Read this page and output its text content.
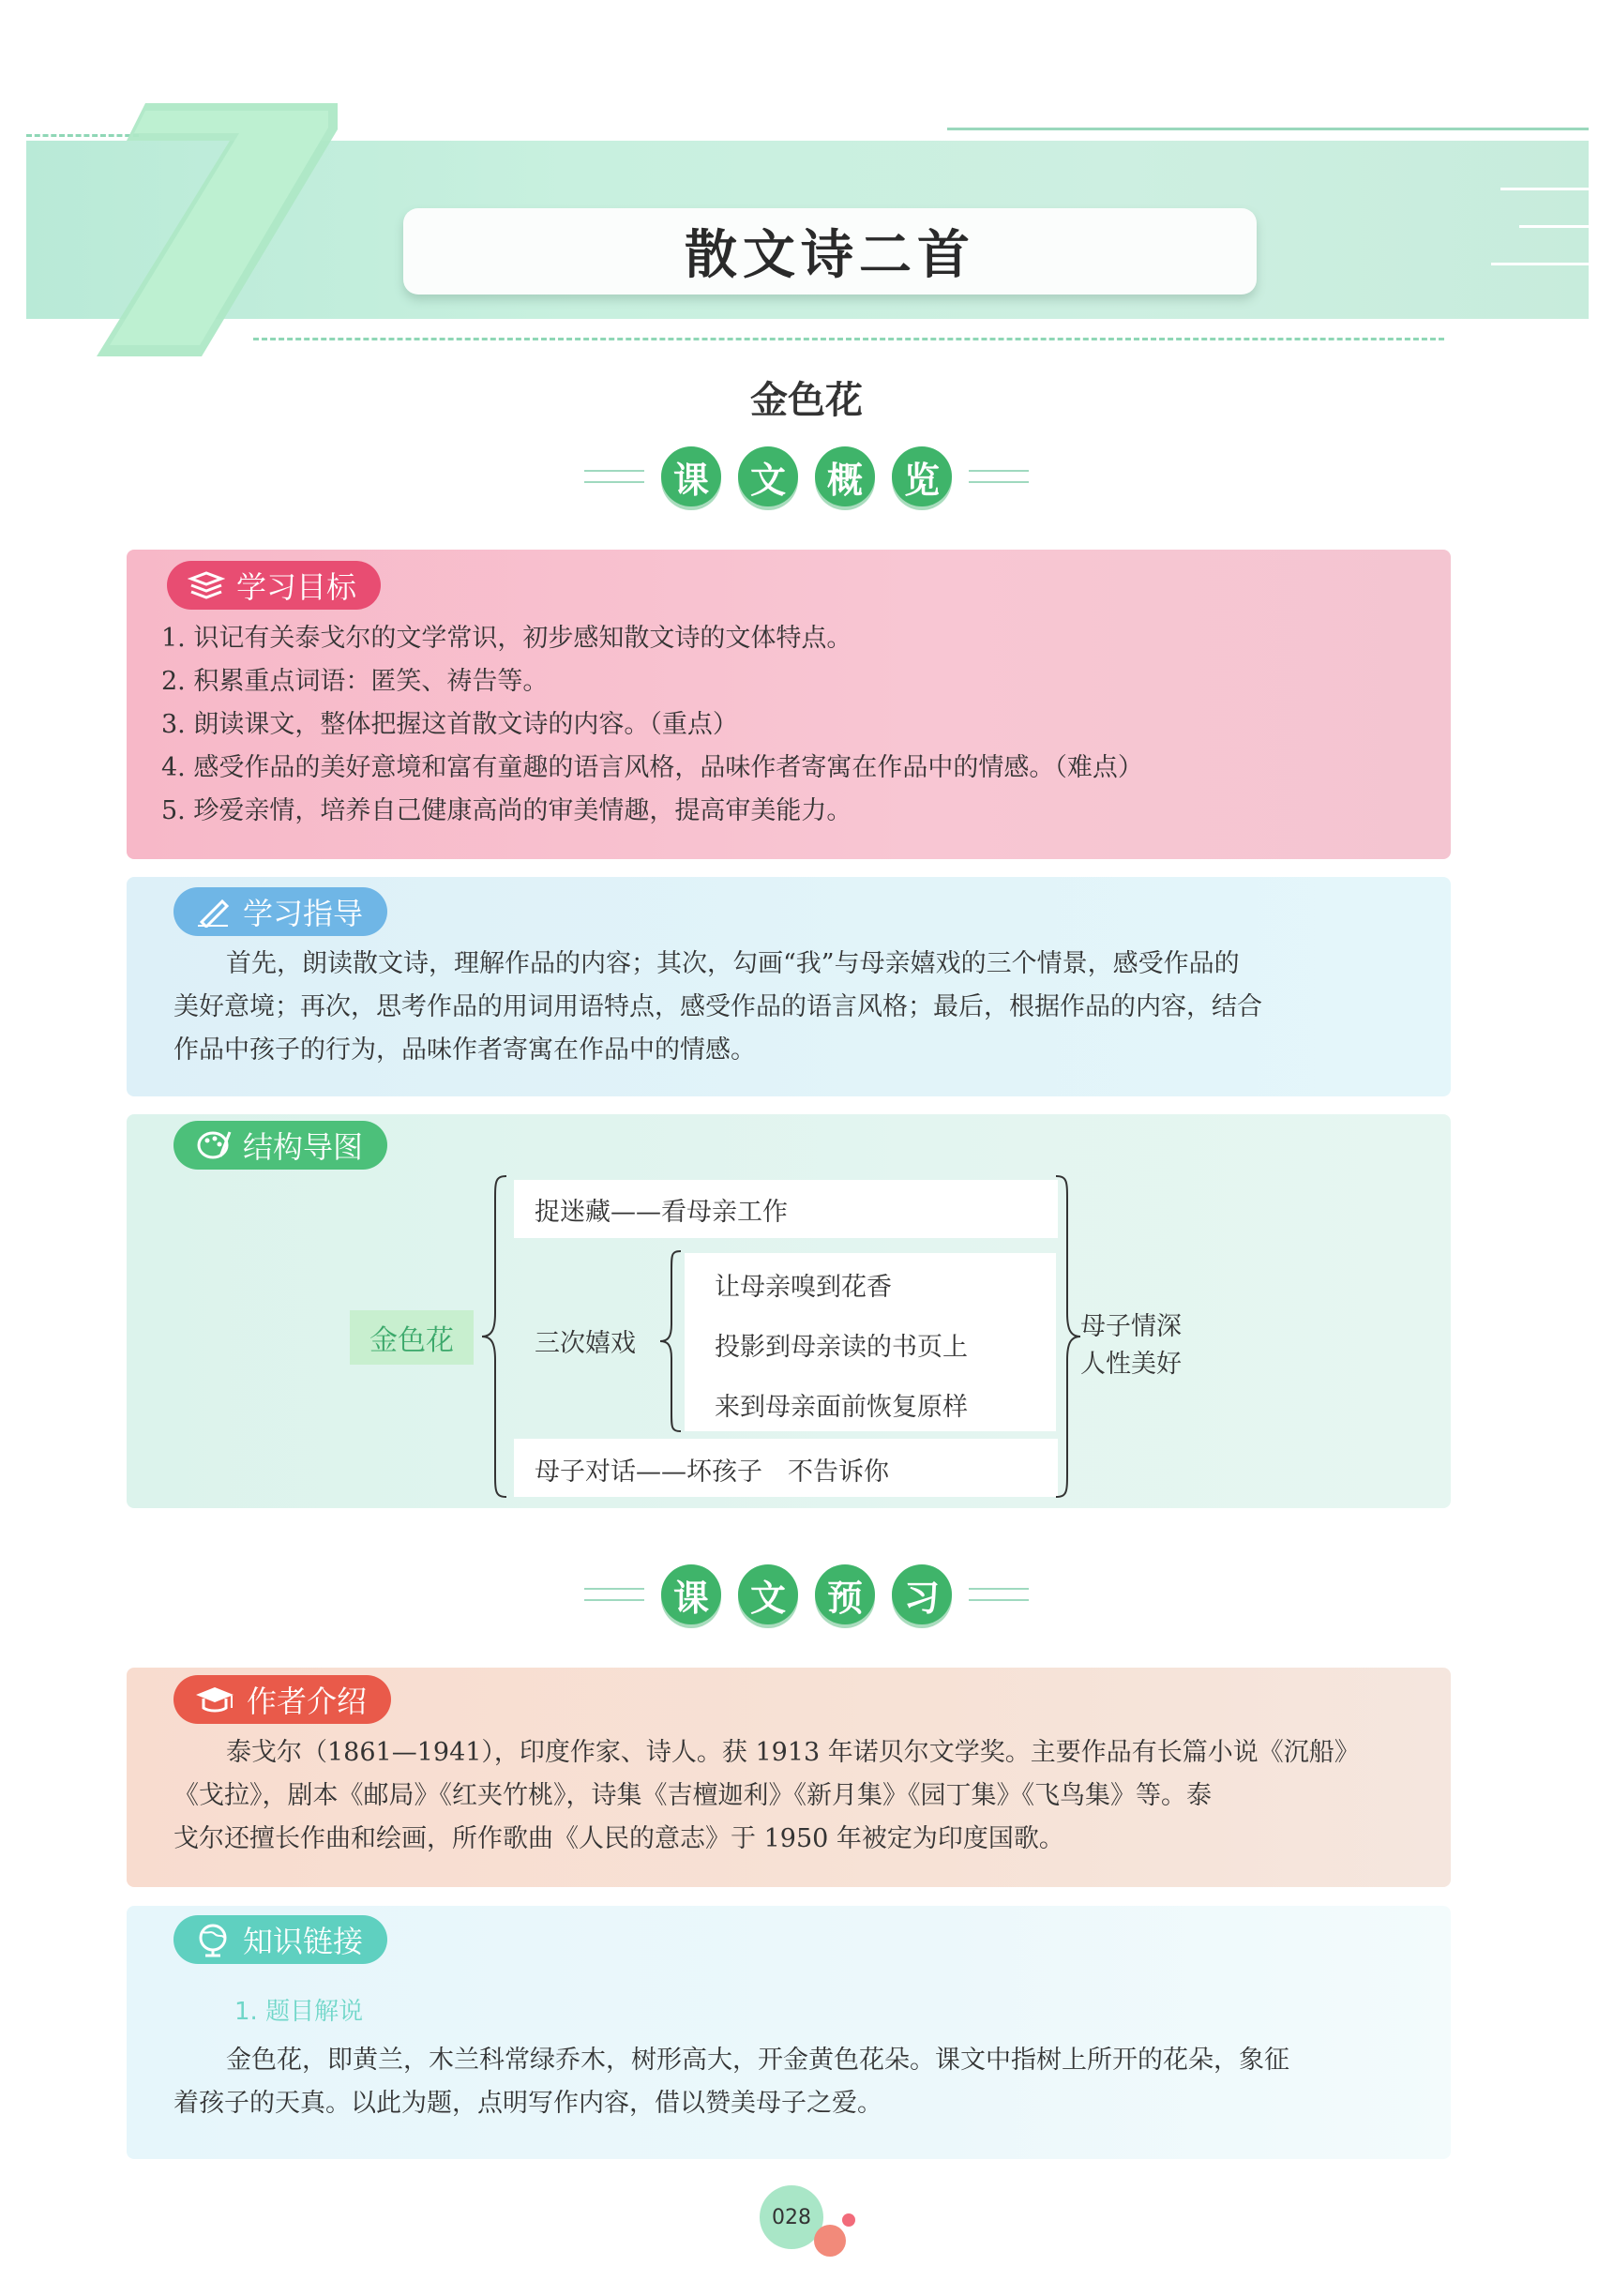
散文诗二首
金色花
课	文	概	览
学习目标
1. 识记有关泰戈尔的文学常识，初步感知散文诗的文体特点。
2. 积累重点词语：匿笑、祷告等。
3. 朗读课文，整体把握这首散文诗的内容。（重点）
4. 感受作品的美好意境和富有童趣的语言风格，品味作者寄寓在作品中的情感。（难点）
5. 珍爱亲情，培养自己健康高尚的审美情趣，提高审美能力。
学习指导
首先，朗读散文诗，理解作品的内容；其次，勾画“我”与母亲嬉戏的三个情景，感受作品的
美好意境；再次，思考作品的用词用语特点，感受作品的语言风格；最后，根据作品的内容，结合
作品中孩子的行为，品味作者寄寓在作品中的情感。
结构导图
金色花
捉迷藏——看母亲工作
三次嬉戏
让母亲嗅到花香
投影到母亲读的书页上
来到母亲面前恢复原样
母子对话——坏孩子　不告诉你
母子情深
人性美好
课	文	预	习
作者介绍
泰戈尔（1861—1941），印度作家、诗人。获 1913 年诺贝尔文学奖。主要作品有长篇小说《沉船》
《戈拉》，剧本《邮局》《红夹竹桃》，诗集《吉檀迦利》《新月集》《园丁集》《飞鸟集》等。泰
戈尔还擅长作曲和绘画，所作歌曲《人民的意志》于 1950 年被定为印度国歌。
知识链接
1. 题目解说
金色花，即黄兰，木兰科常绿乔木，树形高大，开金黄色花朵。课文中指树上所开的花朵，象征
着孩子的天真。以此为题，点明写作内容，借以赞美母子之爱。
028
